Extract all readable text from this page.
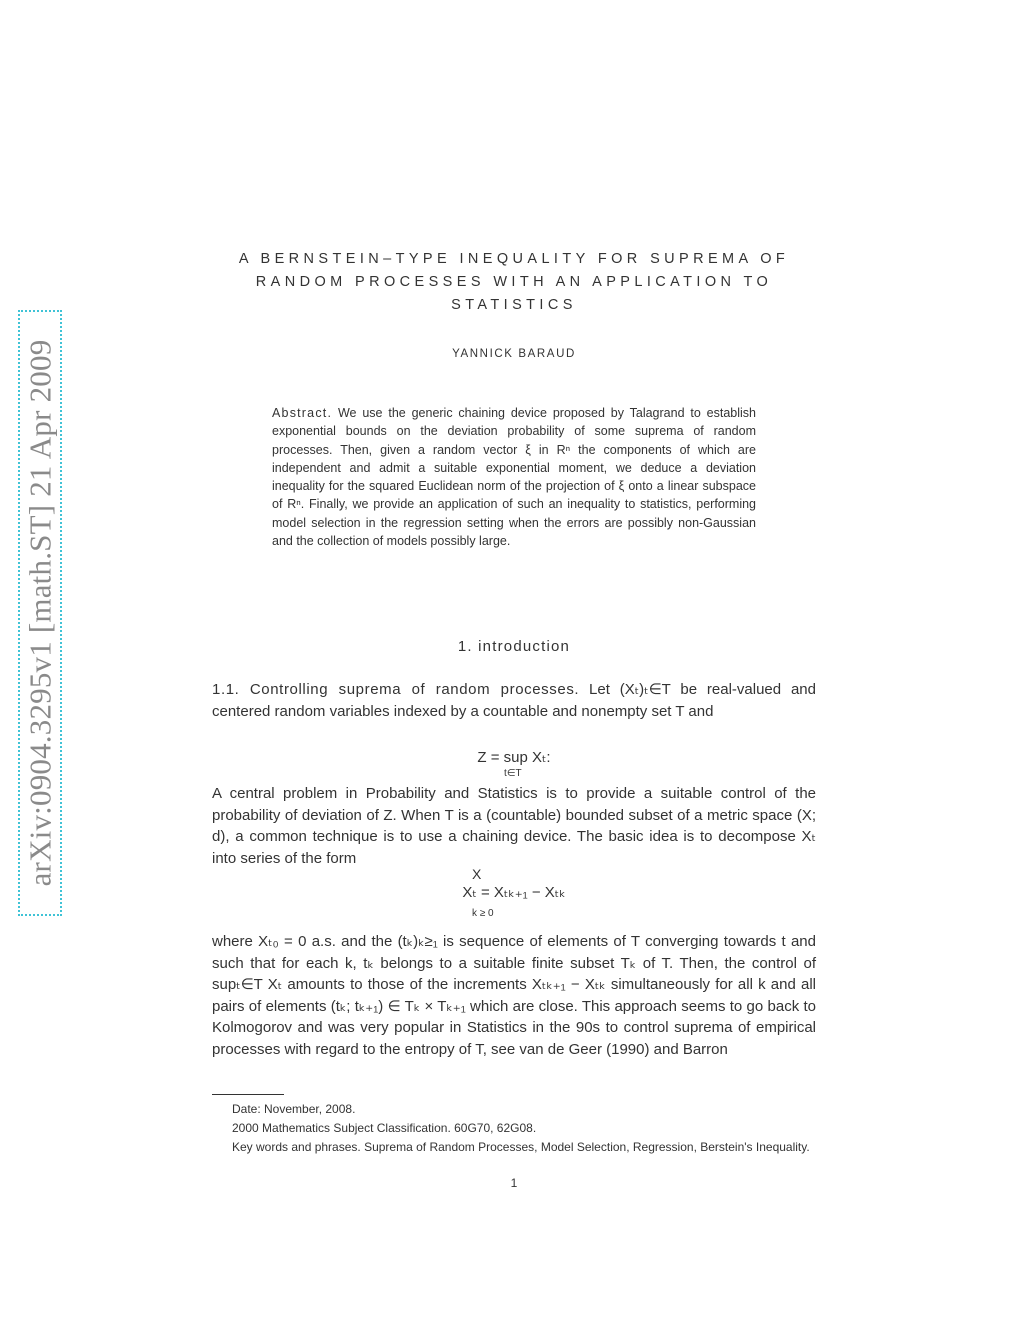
arXiv:0904.3295v1 [math.ST] 21 Apr 2009
A BERNSTEIN–TYPE INEQUALITY FOR SUPREMA OF
RANDOM PROCESSES WITH AN APPLICATION TO
STATISTICS
YANNICK BARAUD
Abstract. We use the generic chaining device proposed by Talagrand to establish exponential bounds on the deviation probability of some suprema of random processes. Then, given a random vector ξ in Rⁿ the components of which are independent and admit a suitable exponential moment, we deduce a deviation inequality for the squared Euclidean norm of the projection of ξ onto a linear subspace of Rⁿ. Finally, we provide an application of such an inequality to statistics, performing model selection in the regression setting when the errors are possibly non-Gaussian and the collection of models possibly large.
1. introduction

1.1. Controlling suprema of random processes. Let (Xₜ)ₜ∈T be real-valued and centered random variables indexed by a countable and nonempty set T and

Z = sup Xₜ:
t∈T

A central problem in Probability and Statistics is to provide a suitable control of the probability of deviation of Z. When T is a (countable) bounded subset of a metric space (X; d), a common technique is to use a chaining device. The basic idea is to decompose Xₜ into series of the form

X
Xₜ = Xₜₖ₊₁ − Xₜₖ
k ≥ 0

where Xₜ₀ = 0 a.s. and the (tₖ)ₖ≥₁ is sequence of elements of T converging towards t and such that for each k, tₖ belongs to a suitable finite subset Tₖ of T. Then, the control of supₜ∈T Xₜ amounts to those of the increments Xₜₖ₊₁ − Xₜₖ simultaneously for all k and all pairs of elements (tₖ; tₖ₊₁) ∈ Tₖ × Tₖ₊₁ which are close. This approach seems to go back to Kolmogorov and was very popular in Statistics in the 90s to control suprema of empirical processes with regard to the entropy of T, see van de Geer (1990) and Barron

Date: November, 2008.

2000 Mathematics Subject Classification. 60G70, 62G08.

Key words and phrases. Suprema of Random Processes, Model Selection, Regression, Berstein's Inequality.

1
